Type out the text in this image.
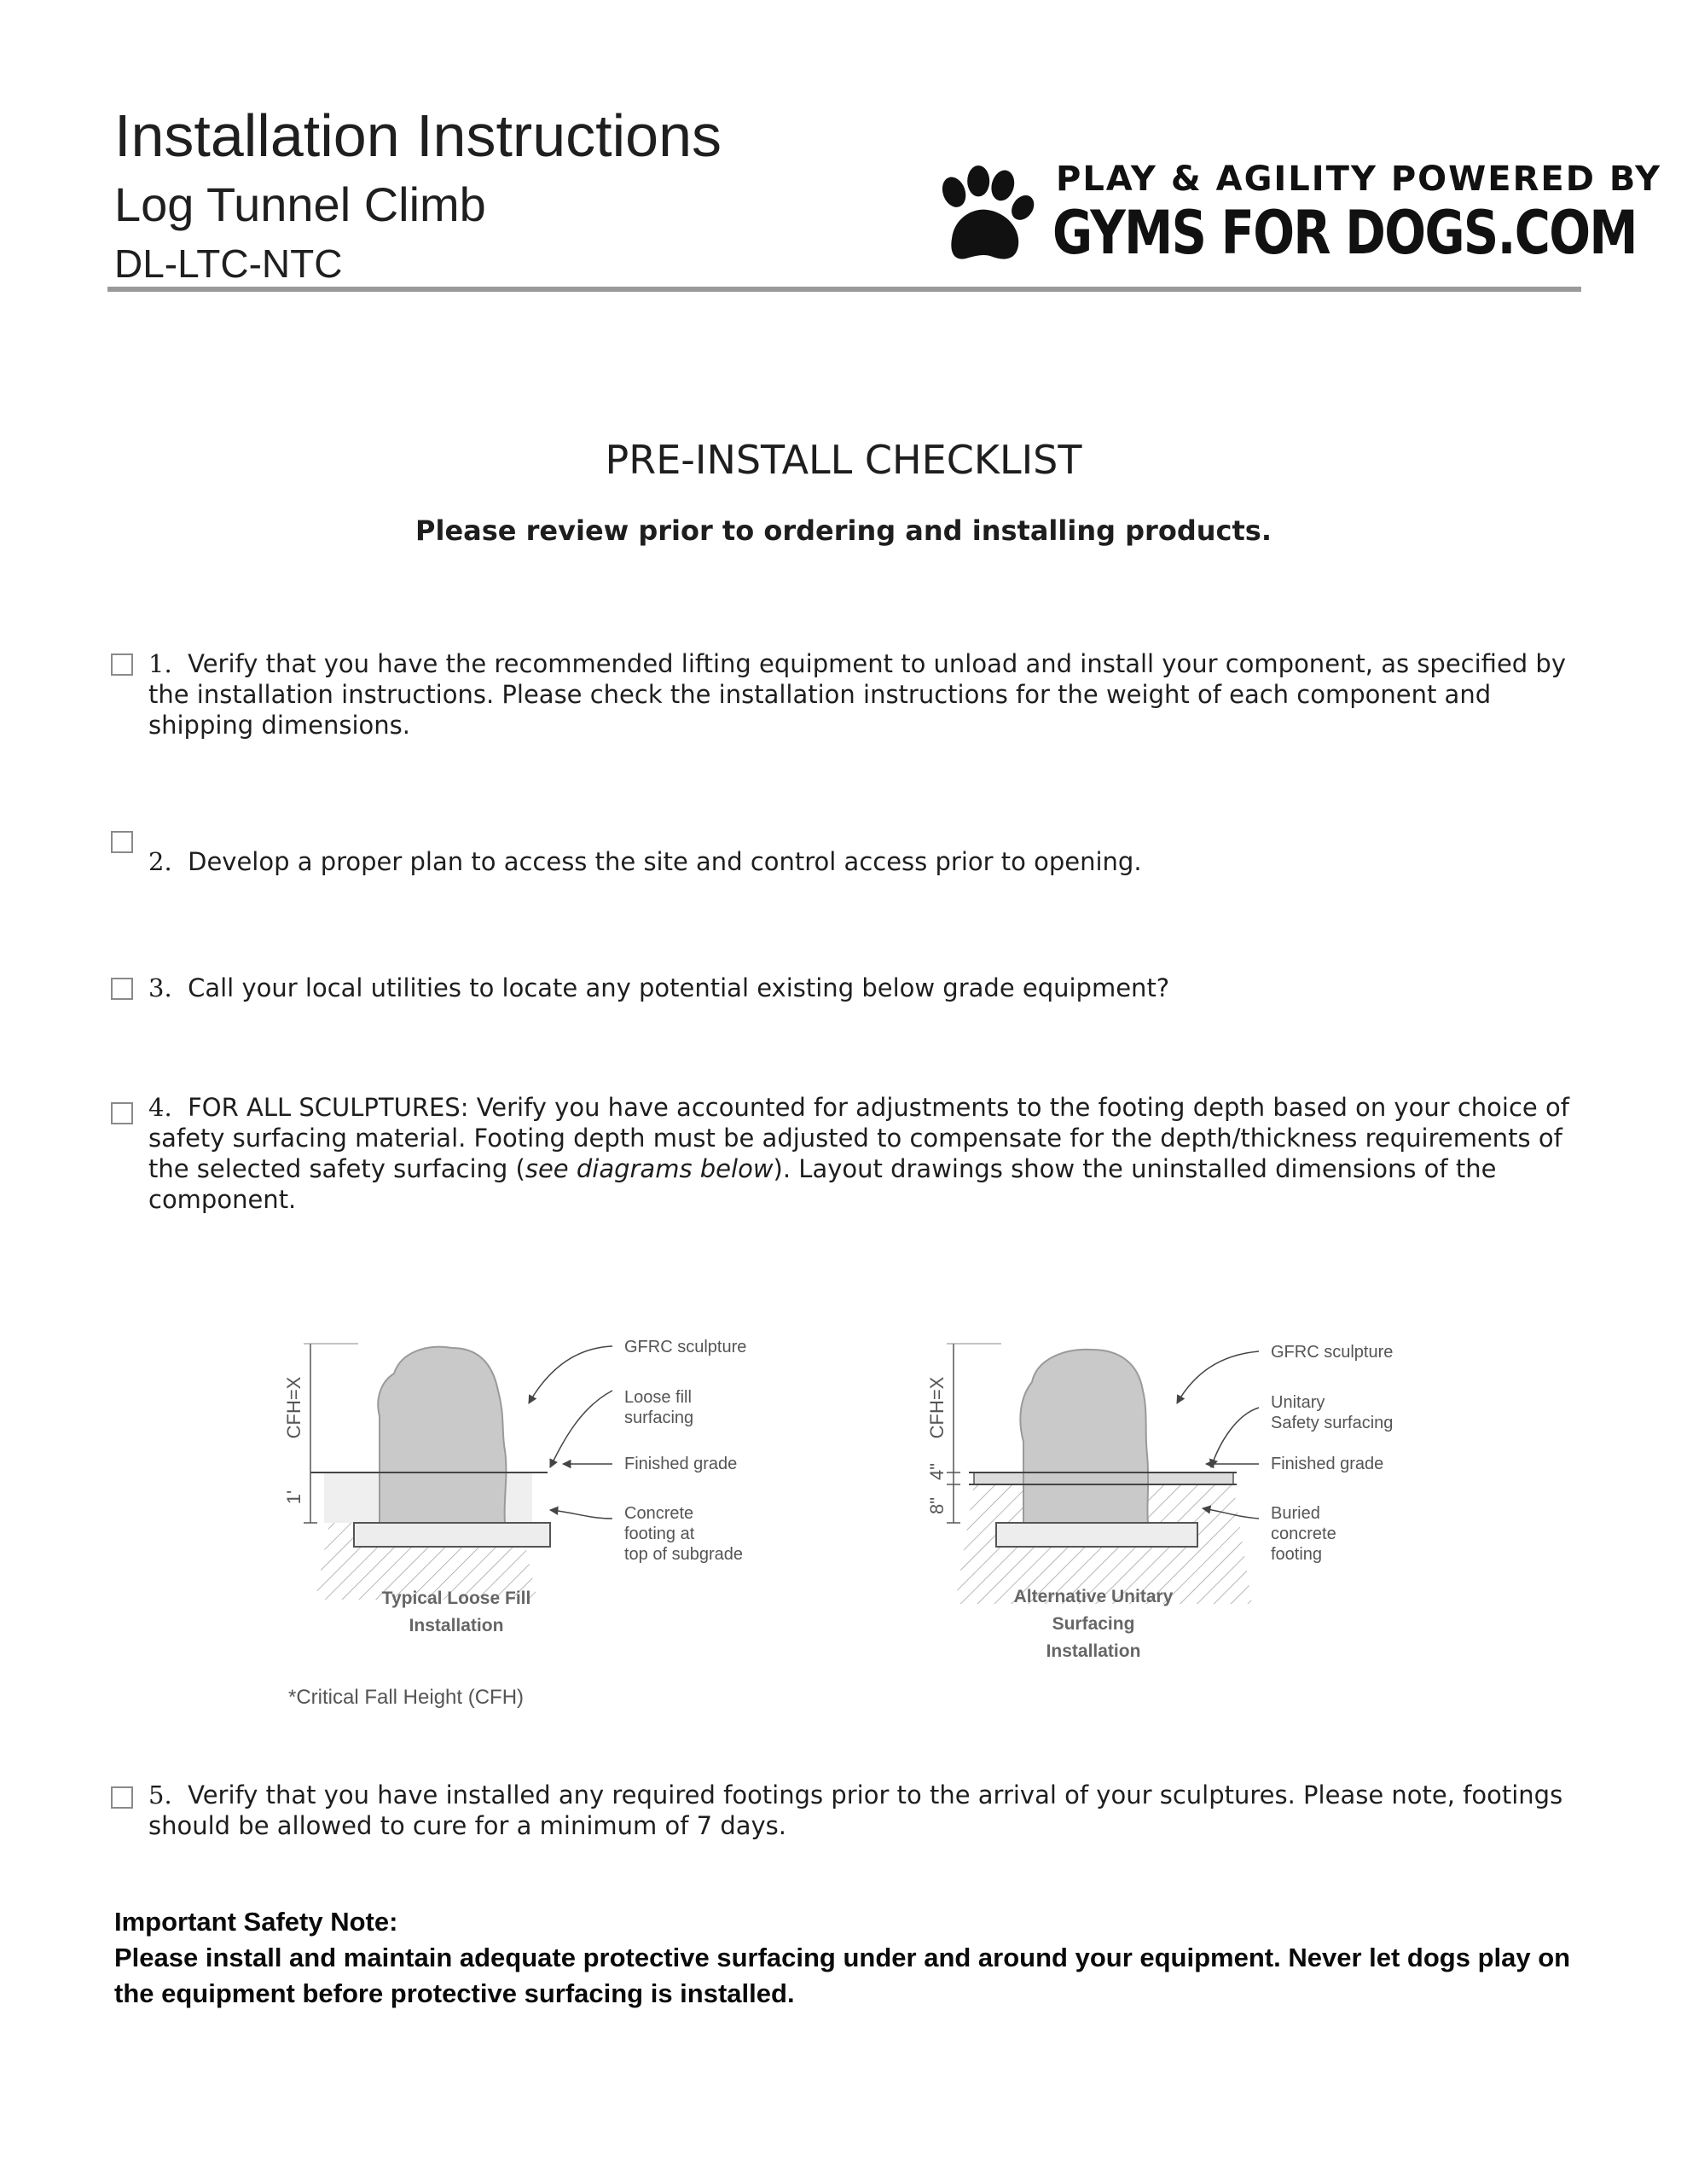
Installation Instructions
Log Tunnel Climb
DL-LTC-NTC
PLAY & AGILITY POWERED BY
GYMS FOR DOGS.COM
PRE-INSTALL CHECKLIST
Please review prior to ordering and installing products.
1. Verify that you have the recommended lifting equipment to unload and install your component, as specified by the installation instructions. Please check the installation instructions for the weight of each component and shipping dimensions.
2. Develop a proper plan to access the site and control access prior to opening.
3. Call your local utilities to locate any potential existing below grade equipment?
4. FOR ALL SCULPTURES: Verify you have accounted for adjustments to the footing depth based on your choice of safety surfacing material. Footing depth must be adjusted to compensate for the depth/thickness requirements of the selected safety surfacing (see diagrams below). Layout drawings show the uninstalled dimensions of the component.
CFH=X
1'
GFRC sculpture
Loose fill
surfacing
Finished grade
Concrete
footing at
top of subgrade
Typical Loose Fill
Installation
CFH=X
4"
8"
GFRC sculpture
Unitary
Safety surfacing
Finished grade
Buried
concrete
footing
Alternative Unitary
Surfacing
Installation
*Critical Fall Height (CFH)
5. Verify that you have installed any required footings prior to the arrival of your sculptures. Please note, footings should be allowed to cure for a minimum of 7 days.
Important Safety Note:
Please install and maintain adequate protective surfacing under and around your equipment. Never let dogs play on the equipment before protective surfacing is installed.
